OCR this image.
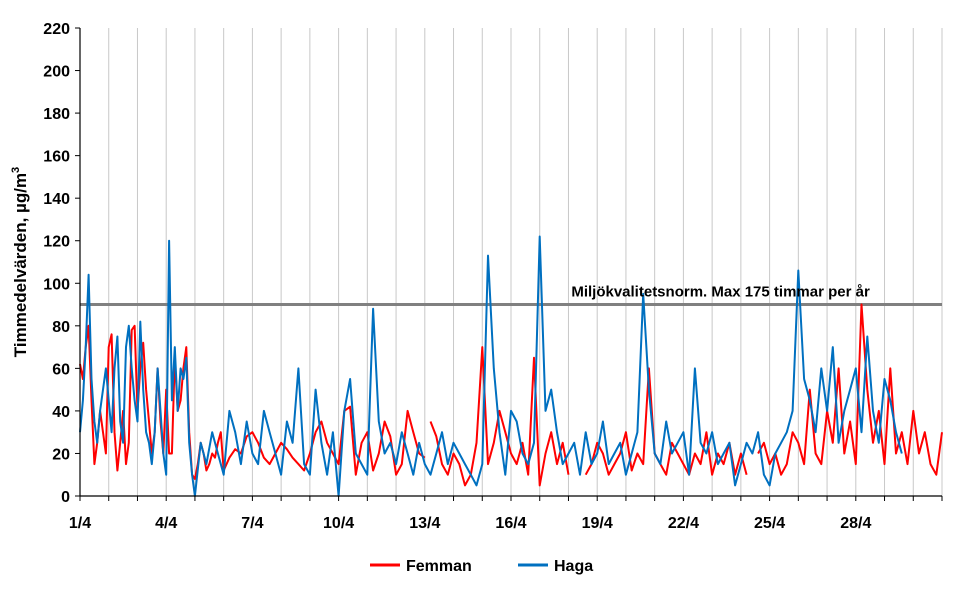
0
20
40
60
80
100
120
140
160
180
200
220
1/4	4/4	7/4	10/4	13/4	16/4	19/4	22/4	25/4	28/4
Miljökvalitetsnorm. Max 175 timmar per år
Timmedelvärden, $\mu g/m^3$
Femman	Haga
